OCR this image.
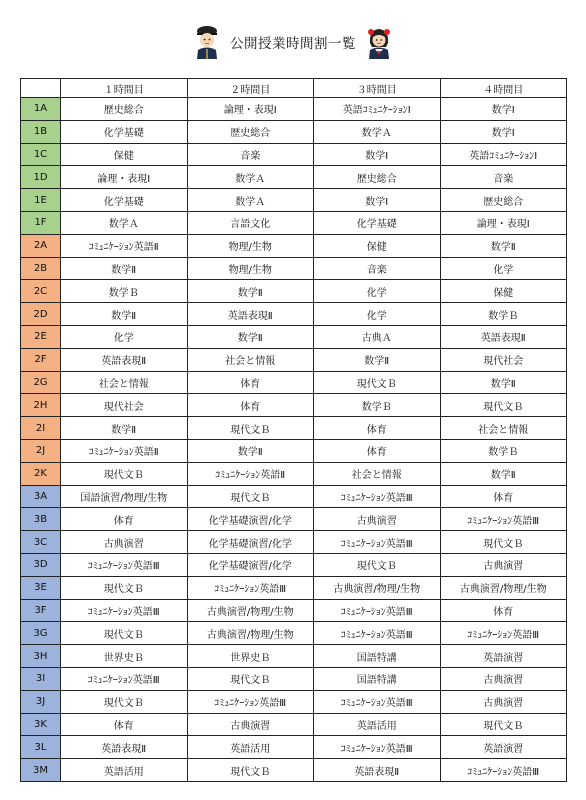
公開授業時間割一覧
	１時間目	２時間目	３時間目	４時間目
1A	歴史総合	論理・表現Ⅰ	英語ｺﾐｭﾆｹｰｼｮﾝⅠ	数学Ⅰ
1B	化学基礎	歴史総合	数学Ａ	数学Ⅰ
1C	保健	音楽	数学Ⅰ	英語ｺﾐｭﾆｹｰｼｮﾝⅠ
1D	論理・表現Ⅰ	数学Ａ	歴史総合	音楽
1E	化学基礎	数学Ａ	数学Ⅰ	歴史総合
1F	数学Ａ	言語文化	化学基礎	論理・表現Ⅰ
2A	ｺﾐｭﾆｹｰｼｮﾝ英語Ⅱ	物理/生物	保健	数学Ⅱ
2B	数学Ⅱ	物理/生物	音楽	化学
2C	数学Ｂ	数学Ⅱ	化学	保健
2D	数学Ⅱ	英語表現Ⅱ	化学	数学Ｂ
2E	化学	数学Ⅱ	古典Ａ	英語表現Ⅱ
2F	英語表現Ⅱ	社会と情報	数学Ⅱ	現代社会
2G	社会と情報	体育	現代文Ｂ	数学Ⅱ
2H	現代社会	体育	数学Ｂ	現代文Ｂ
2I	数学Ⅱ	現代文Ｂ	体育	社会と情報
2J	ｺﾐｭﾆｹｰｼｮﾝ英語Ⅱ	数学Ⅱ	体育	数学Ｂ
2K	現代文Ｂ	ｺﾐｭﾆｹｰｼｮﾝ英語Ⅱ	社会と情報	数学Ⅱ
3A	国語演習/物理/生物	現代文Ｂ	ｺﾐｭﾆｹｰｼｮﾝ英語Ⅲ	体育
3B	体育	化学基礎演習/化学	古典演習	ｺﾐｭﾆｹｰｼｮﾝ英語Ⅲ
3C	古典演習	化学基礎演習/化学	ｺﾐｭﾆｹｰｼｮﾝ英語Ⅲ	現代文Ｂ
3D	ｺﾐｭﾆｹｰｼｮﾝ英語Ⅲ	化学基礎演習/化学	現代文Ｂ	古典演習
3E	現代文Ｂ	ｺﾐｭﾆｹｰｼｮﾝ英語Ⅲ	古典演習/物理/生物	古典演習/物理/生物
3F	ｺﾐｭﾆｹｰｼｮﾝ英語Ⅲ	古典演習/物理/生物	ｺﾐｭﾆｹｰｼｮﾝ英語Ⅲ	体育
3G	現代文Ｂ	古典演習/物理/生物	ｺﾐｭﾆｹｰｼｮﾝ英語Ⅲ	ｺﾐｭﾆｹｰｼｮﾝ英語Ⅲ
3H	世界史Ｂ	世界史Ｂ	国語特講	英語演習
3I	ｺﾐｭﾆｹｰｼｮﾝ英語Ⅲ	現代文Ｂ	国語特講	古典演習
3J	現代文Ｂ	ｺﾐｭﾆｹｰｼｮﾝ英語Ⅲ	ｺﾐｭﾆｹｰｼｮﾝ英語Ⅲ	古典演習
3K	体育	古典演習	英語活用	現代文Ｂ
3L	英語表現Ⅱ	英語活用	ｺﾐｭﾆｹｰｼｮﾝ英語Ⅲ	英語演習
3M	英語活用	現代文Ｂ	英語表現Ⅱ	ｺﾐｭﾆｹｰｼｮﾝ英語Ⅲ
